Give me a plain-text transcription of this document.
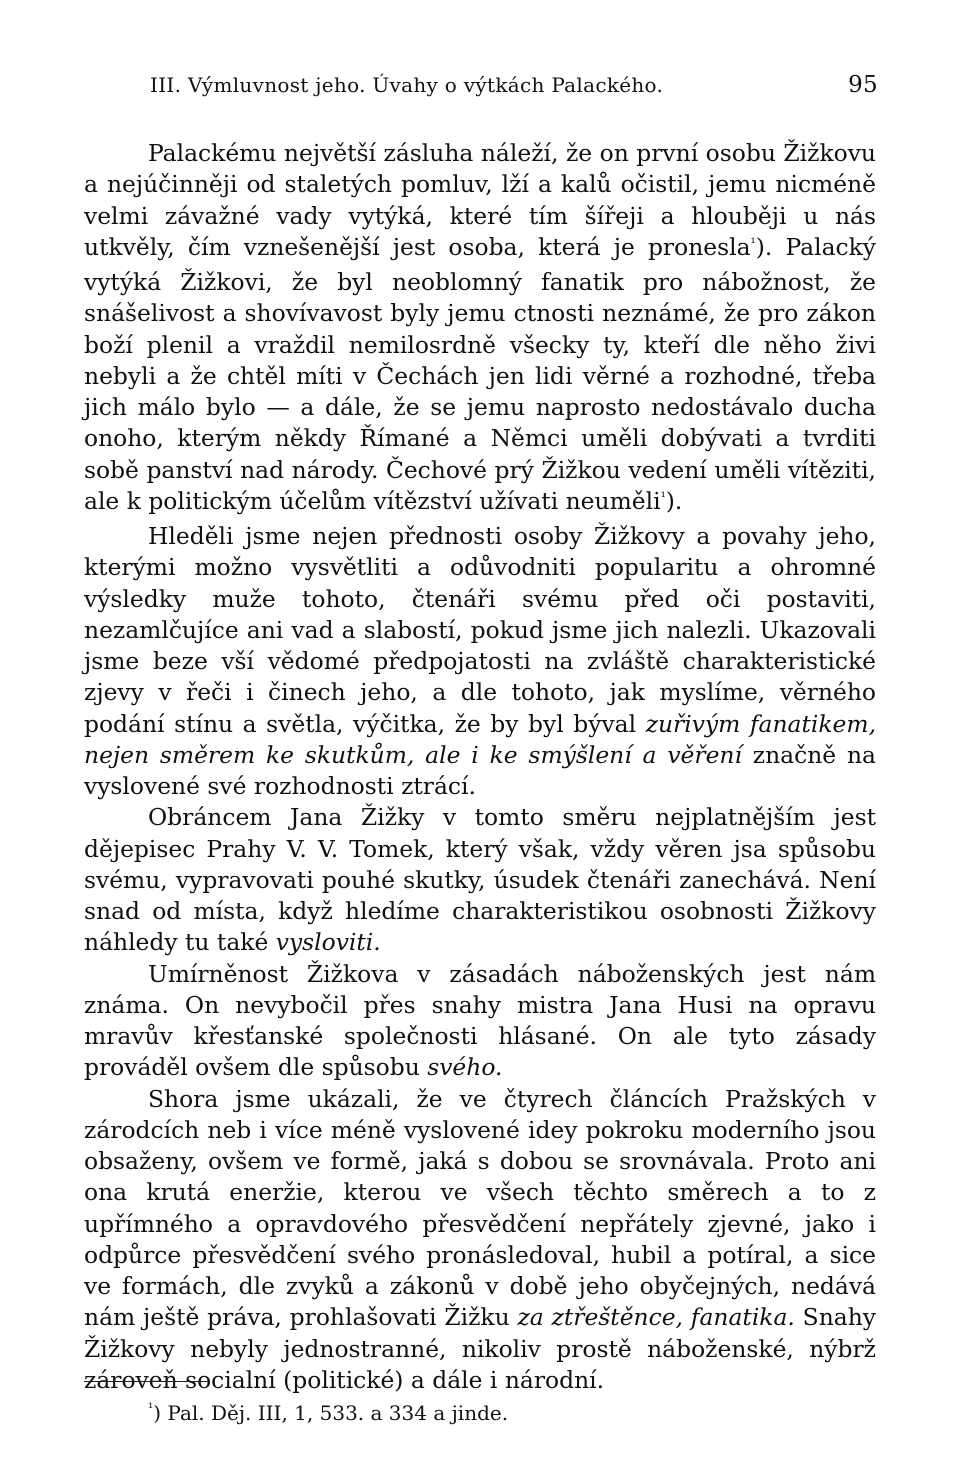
III. Výmluvnost jeho. Úvahy o výtkách Palackého.	95

Palackému největší zásluha náleží, že on první osobu Žižkovu a nejúčinněji od staletých pomluv, lží a kalů očistil, jemu nicméně velmi závažné vady vytýká, které tím šířeji a hlouběji u nás utkvěly, čím vznešenější jest osoba, která je pronesla$^{^1}$). Palacký vytýká Žižkovi, že byl neoblomný fanatik pro nábožnost, že snášelivost a shovívavost byly jemu ctnosti neznámé, že pro zákon boží plenil a vraždil nemilosrdně všecky ty, kteří dle něho živi nebyli a že chtěl míti v Čechách jen lidi věrné a rozhodné, třeba jich málo bylo — a dále, že se jemu naprosto nedostávalo ducha onoho, kterým někdy Římané a Němci uměli dobývati a tvrditi sobě panství nad národy. Čechové prý Žižkou vedení uměli vítěziti, ale k politickým účelům vítězství užívati neuměli$^{^1}$).

Hleděli jsme nejen přednosti osoby Žižkovy a povahy jeho, kterými možno vysvětliti a odůvodniti popularitu a ohromné výsledky muže tohoto, čtenáři svému před oči postaviti, nezamlčujíce ani vad a slabostí, pokud jsme jich nalezli. Ukazovali jsme beze vší vědomé předpojatosti na zvláště charakteristické zjevy v řeči i činech jeho, a dle tohoto, jak myslíme, věrného podání stínu a světla, výčitka, že by byl býval zuřivým fanatikem, nejen směrem ke skutkům, ale i ke smýšlení a věření značně na vyslovené své rozhodnosti ztrácí.

Obráncem Jana Žižky v tomto směru nejplatnějším jest dějepisec Prahy V. V. Tomek, který však, vždy věren jsa spůsobu svému, vypravovati pouhé skutky, úsudek čtenáři zanechává. Není snad od místa, když hledíme charakteristikou osobnosti Žižkovy náhledy tu také vysloviti.

Umírněnost Žižkova v zásadách náboženských jest nám známa. On nevybočil přes snahy mistra Jana Husi na opravu mravův křesťanské společnosti hlásané. On ale tyto zásady prováděl ovšem dle spůsobu svého.

Shora jsme ukázali, že ve čtyrech článcích Pražských v zárodcích neb i více méně vyslovené idey pokroku moderního jsou obsaženy, ovšem ve formě, jaká s dobou se srovnávala. Proto ani ona krutá eneržie, kterou ve všech těchto směrech a to z upřímného a opravdového přesvědčení nepřátely zjevné, jako i odpůrce přesvědčení svého pronásledoval, hubil a potíral, a sice ve formách, dle zvyků a zákonů v době jeho obyčejných, nedává nám ještě práva, prohlašovati Žižku za ztřeštěnce, fanatika. Snahy Žižkovy nebyly jednostranné, nikoliv prostě náboženské, nýbrž zároveň socialní (politické) a dále i národní.

$^{^1}$) Pal. Děj. III, 1, 533. a 334 a jinde.
